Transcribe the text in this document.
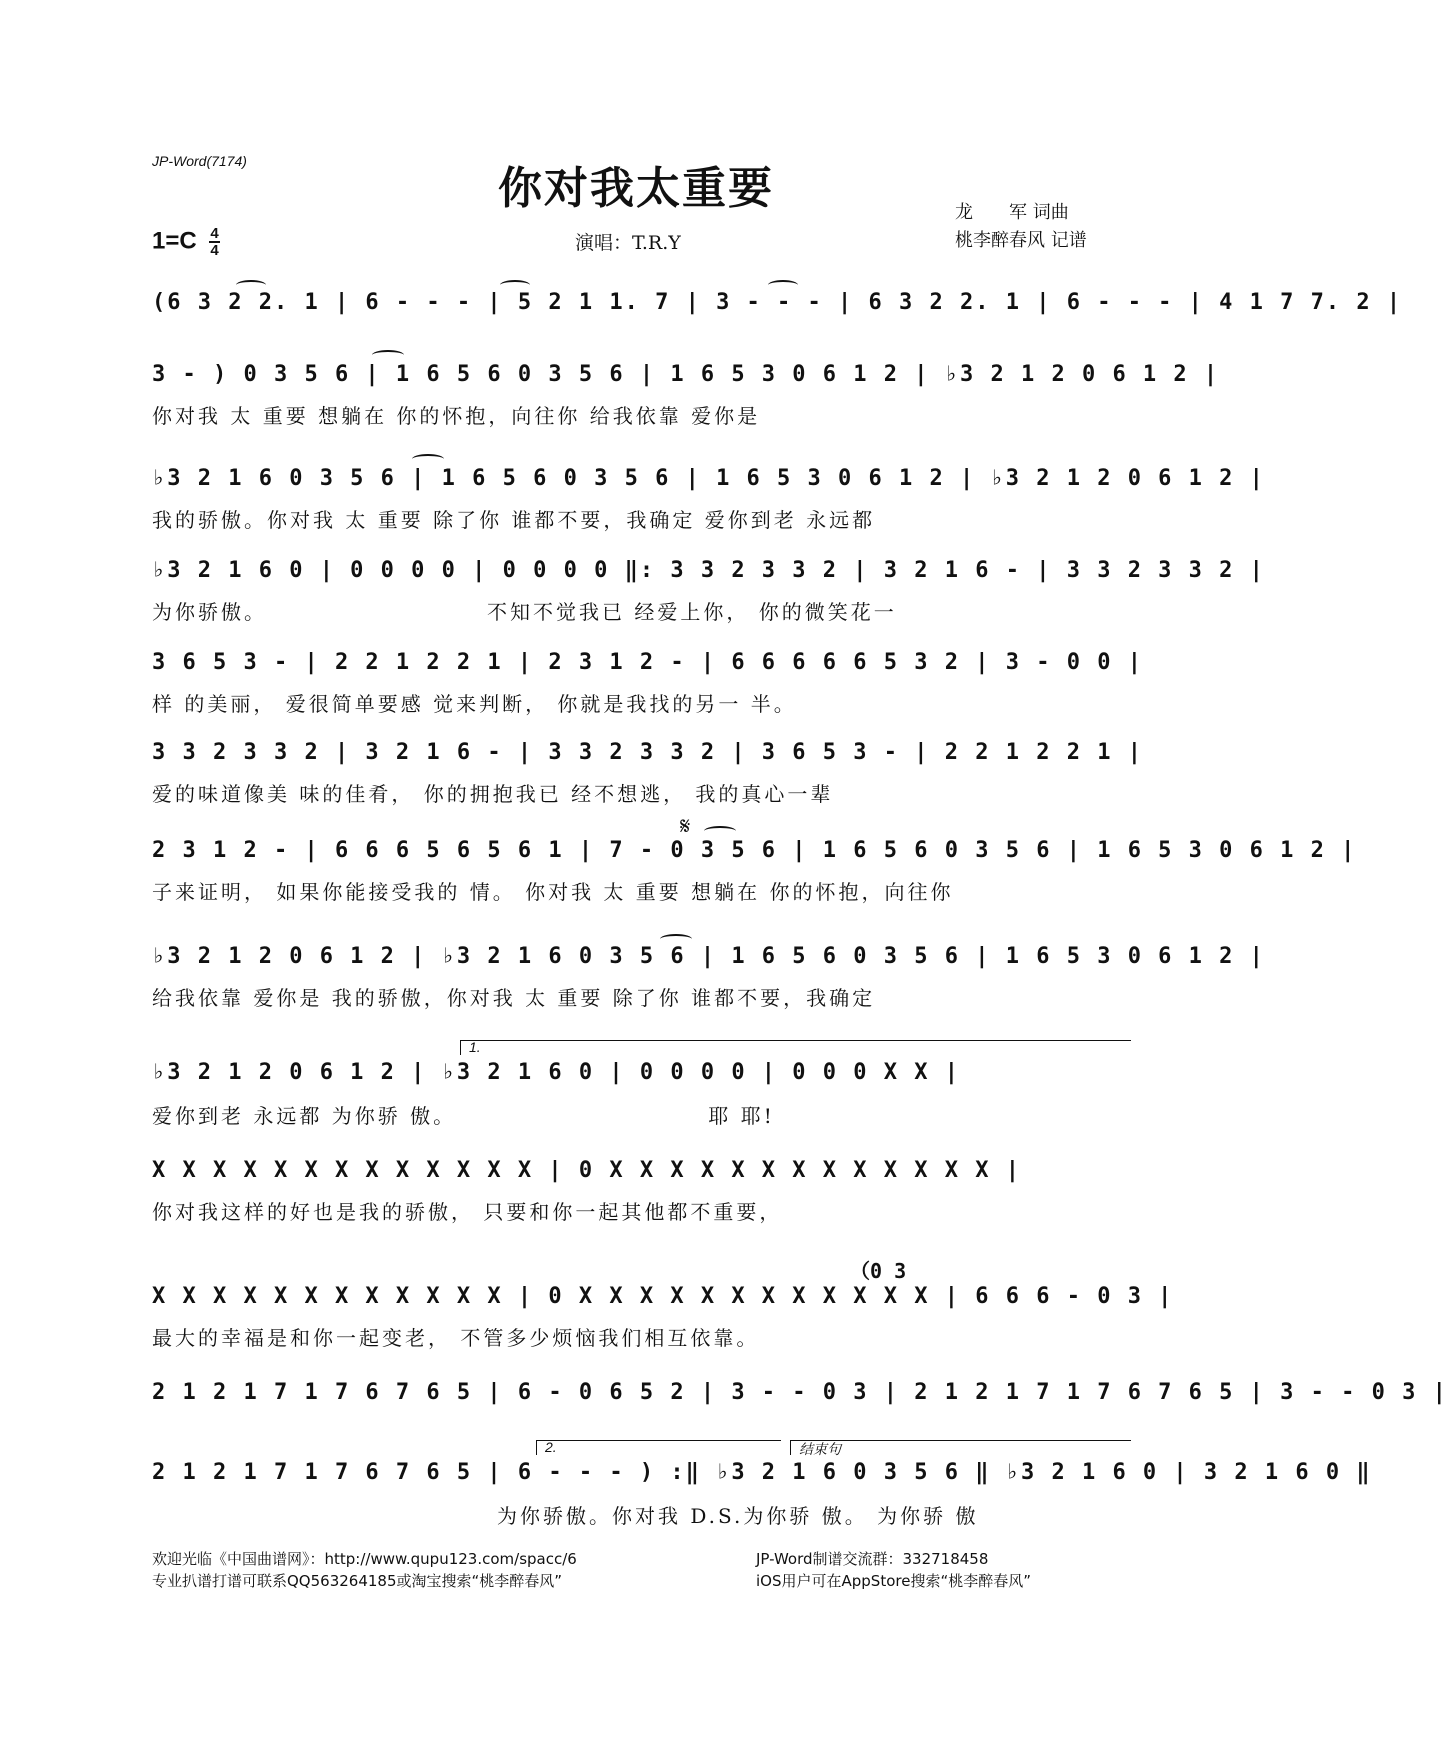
JP-Word(7174)
你对我太重要
$1=C \frac{4}{4}$	演唱：T.R.Y
龙　　军 词曲
桃李醉春风 记谱
𝄋
1.
2.	结束句
（0 3
(6 3 2 2. 1 | 6 - - - | 5 2 1 1. 7 | 3 - - - | 6 3 2 2. 1 | 6 - - - | 4 1 7 7. 2 |
3 - ) 0 3 5 6 | 1 6 5 6 0 3 5 6 | 1 6 5 3 0 6 1 2 | ♭3 2 1 2 0 6 1 2 |
你对我 太 重要 想躺在 你的怀抱，向往你 给我依靠 爱你是
♭3 2 1 6 0 3 5 6 | 1 6 5 6 0 3 5 6 | 1 6 5 3 0 6 1 2 | ♭3 2 1 2 0 6 1 2 |
我的骄傲。你对我 太 重要 除了你 谁都不要，我确定 爱你到老 永远都
♭3 2 1 6 0 | 0 0 0 0 | 0 0 0 0 ‖: 3 3 2 3 3 2 | 3 2 1 6 - | 3 3 2 3 3 2 |
为你骄傲。　　　　　　　　　　不知不觉我已 经爱上你， 你的微笑花一
3 6 5 3 - | 2 2 1 2 2 1 | 2 3 1 2 - | 6 6 6 6 6 5 3 2 | 3 - 0 0 |
样 的美丽， 爱很简单要感 觉来判断， 你就是我找的另一 半。
3 3 2 3 3 2 | 3 2 1 6 - | 3 3 2 3 3 2 | 3 6 5 3 - | 2 2 1 2 2 1 |
爱的味道像美 味的佳肴， 你的拥抱我已 经不想逃， 我的真心一辈
2 3 1 2 - | 6 6 6 5 6 5 6 1 | 7 - 0 3 5 6 | 1 6 5 6 0 3 5 6 | 1 6 5 3 0 6 1 2 |
子来证明， 如果你能接受我的 情。 你对我 太 重要 想躺在 你的怀抱，向往你
♭3 2 1 2 0 6 1 2 | ♭3 2 1 6 0 3 5 6 | 1 6 5 6 0 3 5 6 | 1 6 5 3 0 6 1 2 |
给我依靠 爱你是 我的骄傲，你对我 太 重要 除了你 谁都不要，我确定
♭3 2 1 2 0 6 1 2 | ♭3 2 1 6 0 | 0 0 0 0 | 0 0 0 X X |
爱你到老 永远都 为你骄 傲。　　　　　　　　　　　 耶 耶!
X X X X X X X X X X X X X | 0 X X X X X X X X X X X X X |
你对我这样的好也是我的骄傲， 只要和你一起其他都不重要，
X X X X X X X X X X X X | 0 X X X X X X X X X X X X | 6 6 6 - 0 3 |
最大的幸福是和你一起变老， 不管多少烦恼我们相互依靠。
2 1 2 1 7 1 7 6 7 6 5 | 6 - 0 6 5 2 | 3 - - 0 3 | 2 1 2 1 7 1 7 6 7 6 5 | 3 - - 0 3 |
2 1 2 1 7 1 7 6 7 6 5 | 6 - - - ) :‖ ♭3 2 1 6 0 3 5 6 ‖ ♭3 2 1 6 0 | 3 2 1 6 0 ‖
　　　　　　　　　　　　　　　为你骄傲。你对我 D.S.为你骄 傲。 为你骄 傲
欢迎光临《中国曲谱网》：http://www.qupu123.com/spacc/6
专业扒谱打谱可联系QQ563264185或淘宝搜索“桃李醉春风”
JP-Word制谱交流群：332718458
iOS用户可在AppStore搜索“桃李醉春风”
